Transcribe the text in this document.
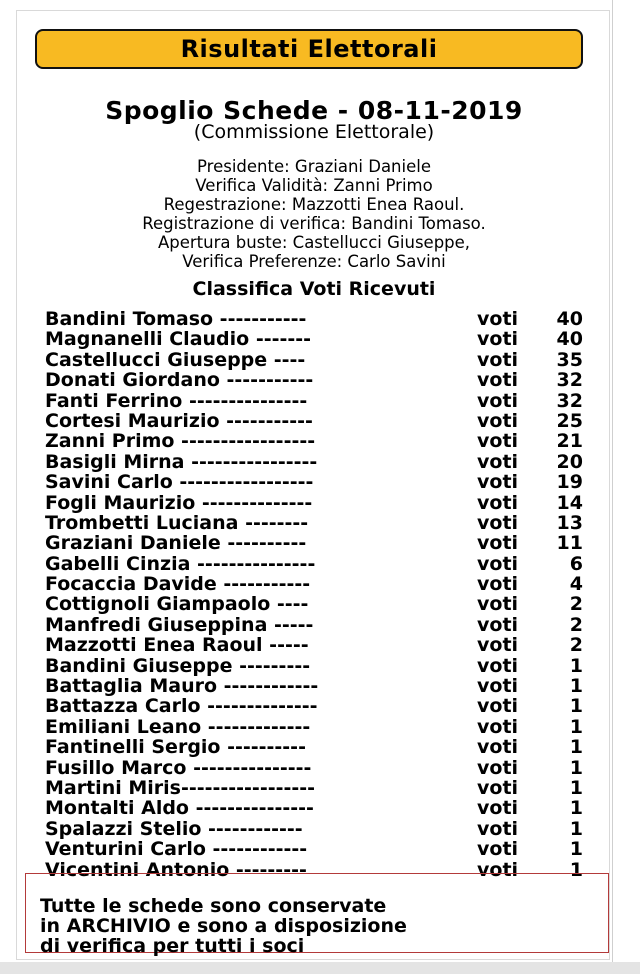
Risultati Elettorali
Spoglio Schede - 08-11-2019
(Commissione Elettorale)
Presidente: Graziani Daniele
Verifica Validità: Zanni Primo
Regestrazione: Mazzotti Enea Raoul.
Registrazione di verifica: Bandini Tomaso.
Apertura buste: Castellucci Giuseppe,
Verifica Preferenze: Carlo Savini
Classifica Voti Ricevuti
Bandini Tomaso -----------	voti	40
Magnanelli Claudio -------	voti	40
Castellucci Giuseppe ----	voti	35
Donati Giordano -----------	voti	32
Fanti Ferrino ---------------	voti	32
Cortesi Maurizio -----------	voti	25
Zanni Primo -----------------	voti	21
Basigli Mirna ----------------	voti	20
Savini Carlo -----------------	voti	19
Fogli Maurizio --------------	voti	14
Trombetti Luciana --------	voti	13
Graziani Daniele ----------	voti	11
Gabelli Cinzia ---------------	voti	6
Focaccia Davide -----------	voti	4
Cottignoli Giampaolo ----	voti	2
Manfredi Giuseppina -----	voti	2
Mazzotti Enea Raoul -----	voti	2
Bandini Giuseppe ---------	voti	1
Battaglia Mauro ------------	voti	1
Battazza Carlo --------------	voti	1
Emiliani Leano -------------	voti	1
Fantinelli Sergio ----------	voti	1
Fusillo Marco ---------------	voti	1
Martini Miris-----------------	voti	1
Montalti Aldo ---------------	voti	1
Spalazzi Stelio ------------	voti	1
Venturini Carlo ------------	voti	1
Vicentini Antonio ---------	voti	1
Tutte le schede sono conservate
in ARCHIVIO e sono a disposizione
di verifica per tutti i soci
